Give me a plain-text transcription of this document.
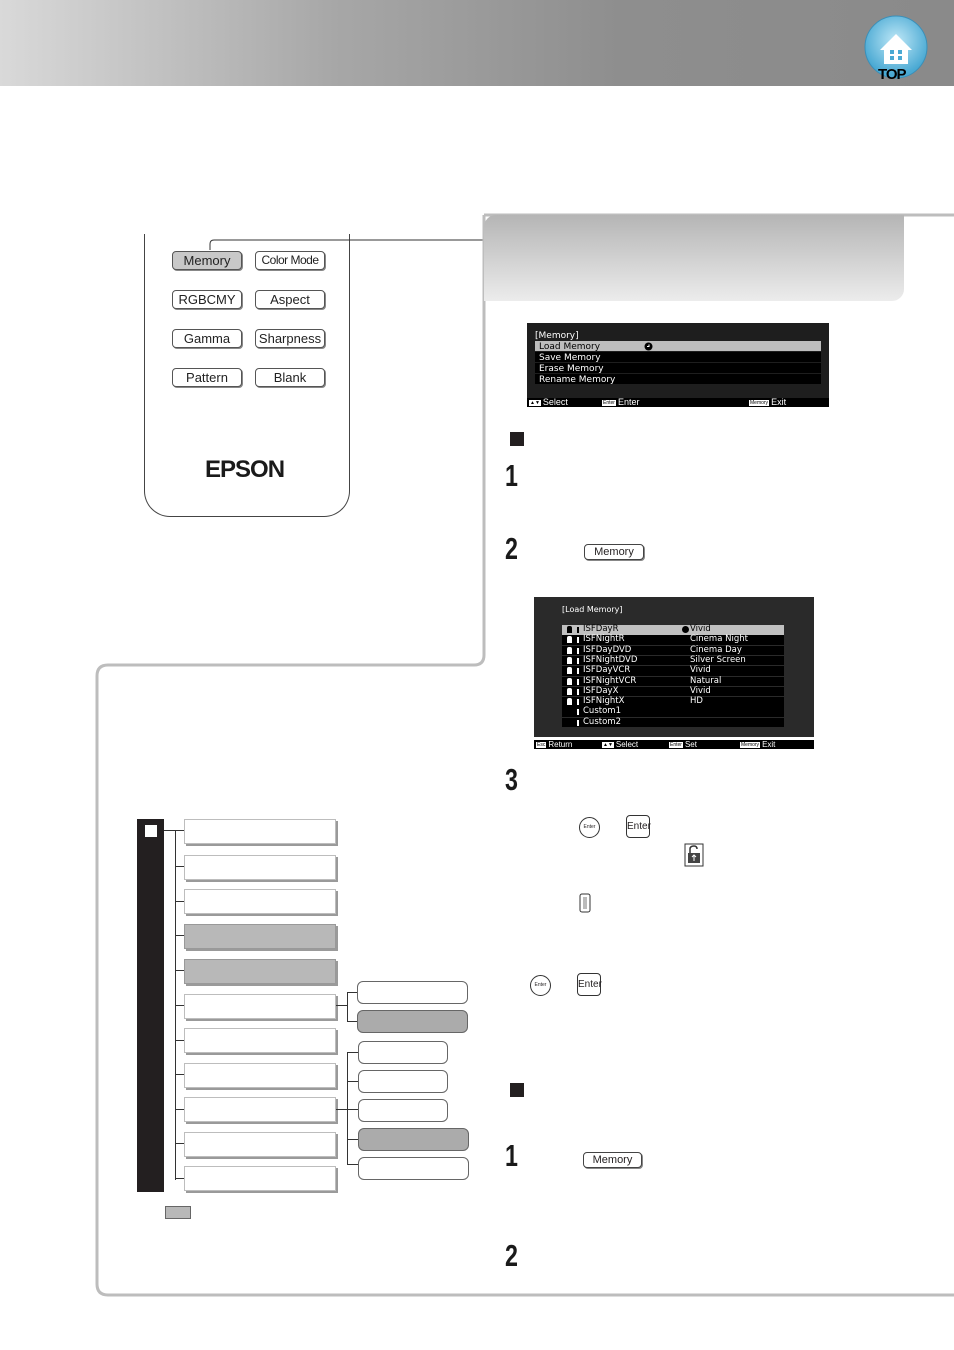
TOP
Memory	Color Mode
RGBCMY	Aspect
Gamma	Sharpness
Pattern	Blank
EPSON
[Memory]
Load Memory
Save Memory
Erase Memory
Rename Memory
▲▼ Select	Enter Enter	Memory Exit
1
2	Memory
[Load Memory]
ISFDayR	Vivid
ISFNightR	Cinema Night
ISFDayDVD	Cinema Day
ISFNightDVD	Silver Screen
ISFDayVCR	Vivid
ISFNightVCR	Natural
ISFDayX	Vivid
ISFNightX	HD
Custom1
Custom2
Esc Return	▲▼ Select	Enter Set	Memory Exit
3
Enter	Enter
Enter	Enter
1	Memory
2
